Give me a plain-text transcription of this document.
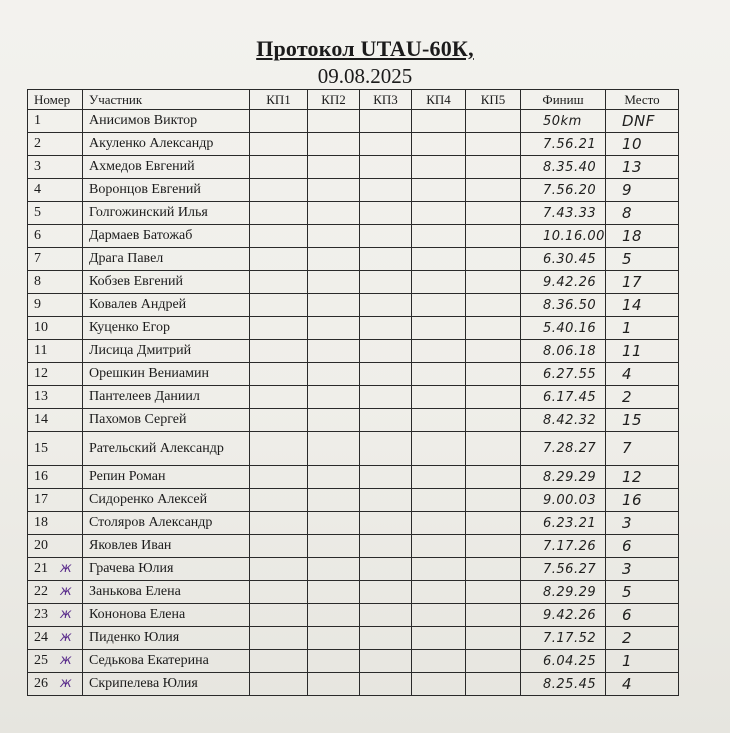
Протокол UTAU-60К,
09.08.2025
Номер	Участник	КП1	КП2	КП3	КП4	КП5	Финиш	Место	
1	Анисимов Виктор						50km	DNF	
2	Акуленко Александр						7.56.21	10	
3	Ахмедов Евгений						8.35.40	13	
4	Воронцов Евгений						7.56.20	9	
5	Голгожинский Илья						7.43.33	8	
6	Дармаев Батожаб						10.16.00	18	
7	Драга Павел						6.30.45	5	
8	Кобзев Евгений						9.42.26	17	
9	Ковалев Андрей						8.36.50	14	
10	Куценко Егор						5.40.16	1	
11	Лисица Дмитрий						8.06.18	11	
12	Орешкин Вениамин						6.27.55	4	
13	Пантелеев Даниил						6.17.45	2	
14	Пахомов Сергей						8.42.32	15	
15	Ратeльский Александр						7.28.27	7	
16	Репин Роман						8.29.29	12	
17	Сидоренко Алексей						9.00.03	16	
18	Столяров Александр						6.23.21	3	
20	Яковлев Иван						7.17.26	6	
21 ж	Грачева Юлия						7.56.27	3	
22 ж	Занькова Елена						8.29.29	5	
23 ж	Кононова Елена						9.42.26	6	
24 ж	Пиденко Юлия						7.17.52	2	
25 ж	Седькова Екатерина						6.04.25	1	
26 ж	Скрипелева Юлия						8.25.45	4	
